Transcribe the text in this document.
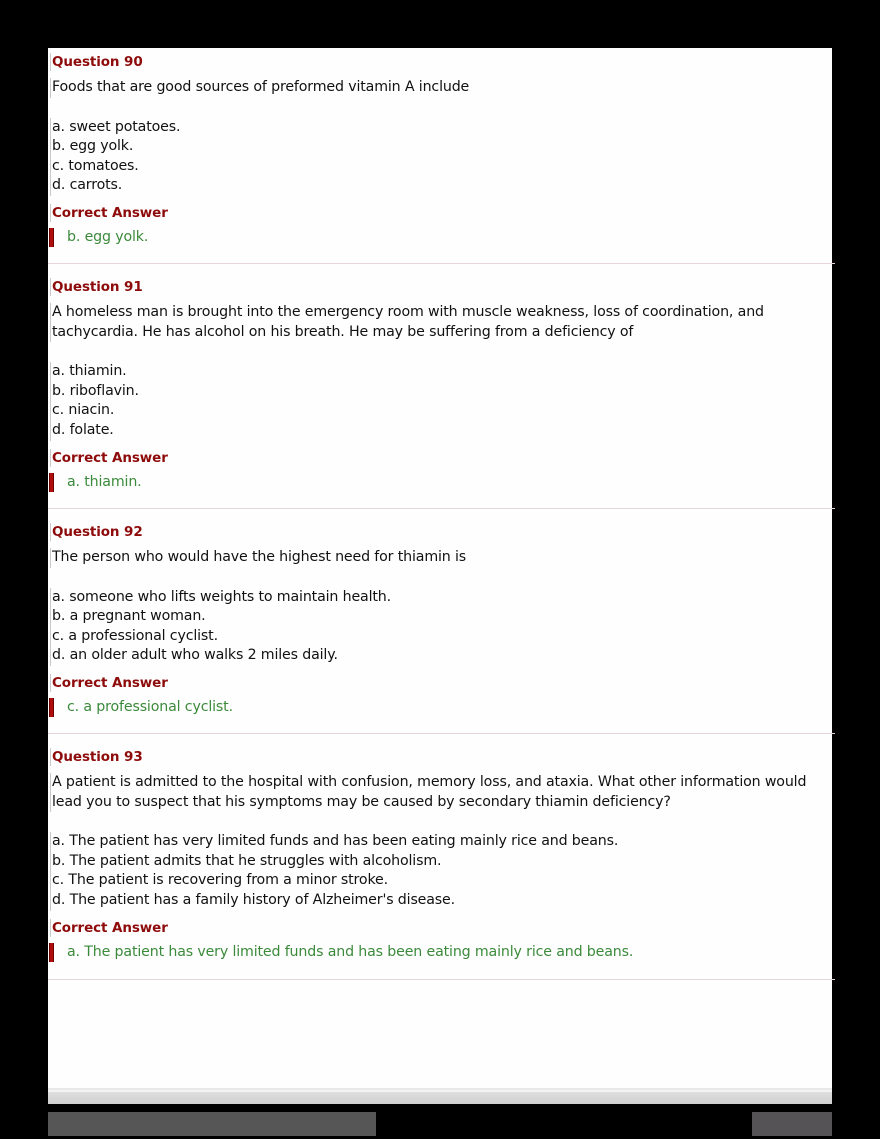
Question 90
Foods that are good sources of preformed vitamin A include
a. sweet potatoes.
b. egg yolk.
c. tomatoes.
d. carrots.
Correct Answer
b. egg yolk.
Question 91
A homeless man is brought into the emergency room with muscle weakness, loss of coordination, and tachycardia. He has alcohol on his breath. He may be suffering from a deficiency of
a. thiamin.
b. riboflavin.
c. niacin.
d. folate.
Correct Answer
a. thiamin.
Question 92
The person who would have the highest need for thiamin is
a. someone who lifts weights to maintain health.
b. a pregnant woman.
c. a professional cyclist.
d. an older adult who walks 2 miles daily.
Correct Answer
c. a professional cyclist.
Question 93
A patient is admitted to the hospital with confusion, memory loss, and ataxia. What other information would lead you to suspect that his symptoms may be caused by secondary thiamin deficiency?
a. The patient has very limited funds and has been eating mainly rice and beans.
b. The patient admits that he struggles with alcoholism.
c. The patient is recovering from a minor stroke.
d. The patient has a family history of Alzheimer's disease.
Correct Answer
a. The patient has very limited funds and has been eating mainly rice and beans.
